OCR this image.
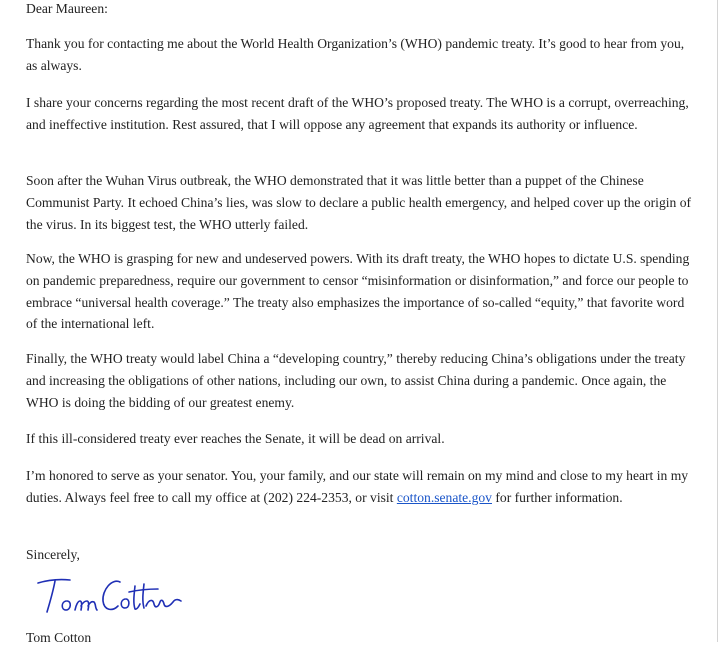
Dear Maureen:

Thank you for contacting me about the World Health Organization’s (WHO) pandemic treaty. It’s good to hear from you, as always.

I share your concerns regarding the most recent draft of the WHO’s proposed treaty. The WHO is a corrupt, overreaching, and ineffective institution. Rest assured, that I will oppose any agreement that expands its authority or influence.

Soon after the Wuhan Virus outbreak, the WHO demonstrated that it was little better than a puppet of the Chinese Communist Party. It echoed China’s lies, was slow to declare a public health emergency, and helped cover up the origin of the virus. In its biggest test, the WHO utterly failed.

Now, the WHO is grasping for new and undeserved powers. With its draft treaty, the WHO hopes to dictate U.S. spending on pandemic preparedness, require our government to censor “misinformation or disinformation,” and force our people to embrace “universal health coverage.” The treaty also emphasizes the importance of so-called “equity,” that favorite word of the international left.

Finally, the WHO treaty would label China a “developing country,” thereby reducing China’s obligations under the treaty and increasing the obligations of other nations, including our own, to assist China during a pandemic. Once again, the WHO is doing the bidding of our greatest enemy.

If this ill-considered treaty ever reaches the Senate, it will be dead on arrival.

I’m honored to serve as your senator. You, your family, and our state will remain on my mind and close to my heart in my duties. Always feel free to call my office at (202) 224-2353, or visit cotton.senate.gov for further information.

Sincerely,

Tom Cotton
